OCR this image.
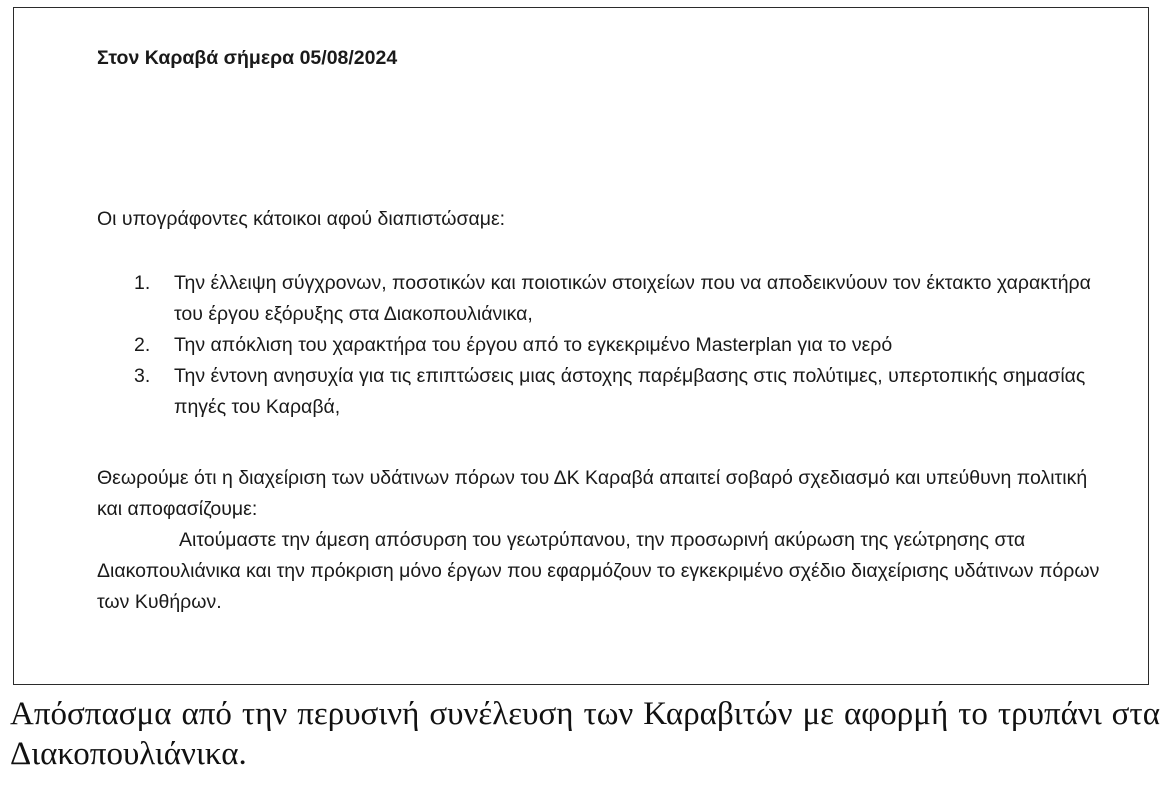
Στον Καραβά σήμερα 05/08/2024

Οι υπογράφοντες κάτοικοι αφού διαπιστώσαμε:

1.	Την έλλειψη σύγχρονων, ποσοτικών και ποιοτικών στοιχείων που να αποδεικνύουν τον έκτακτο χαρακτήρα του έργου εξόρυξης στα Διακοπουλιάνικα,
2.	Την απόκλιση του χαρακτήρα του έργου από το εγκεκριμένο Masterplan για το νερό
3.	Την έντονη ανησυχία για τις επιπτώσεις μιας άστοχης παρέμβασης στις πολύτιμες, υπερτοπικής σημασίας πηγές του Καραβά,
Θεωρούμε ότι η διαχείριση των υδάτινων πόρων του ΔΚ Καραβά απαιτεί σοβαρό σχεδιασμό και υπεύθυνη πολιτική και αποφασίζουμε:
Αιτούμαστε την άμεση απόσυρση του γεωτρύπανου, την προσωρινή ακύρωση της γεώτρησης στα Διακοπουλιάνικα και την πρόκριση μόνο έργων που εφαρμόζουν το εγκεκριμένο σχέδιο διαχείρισης υδάτινων πόρων των Κυθήρων.

Απόσπασμα από την περυσινή συνέλευση των Καραβιτών με αφορμή το τρυπάνι στα Διακοπουλιάνικα.
